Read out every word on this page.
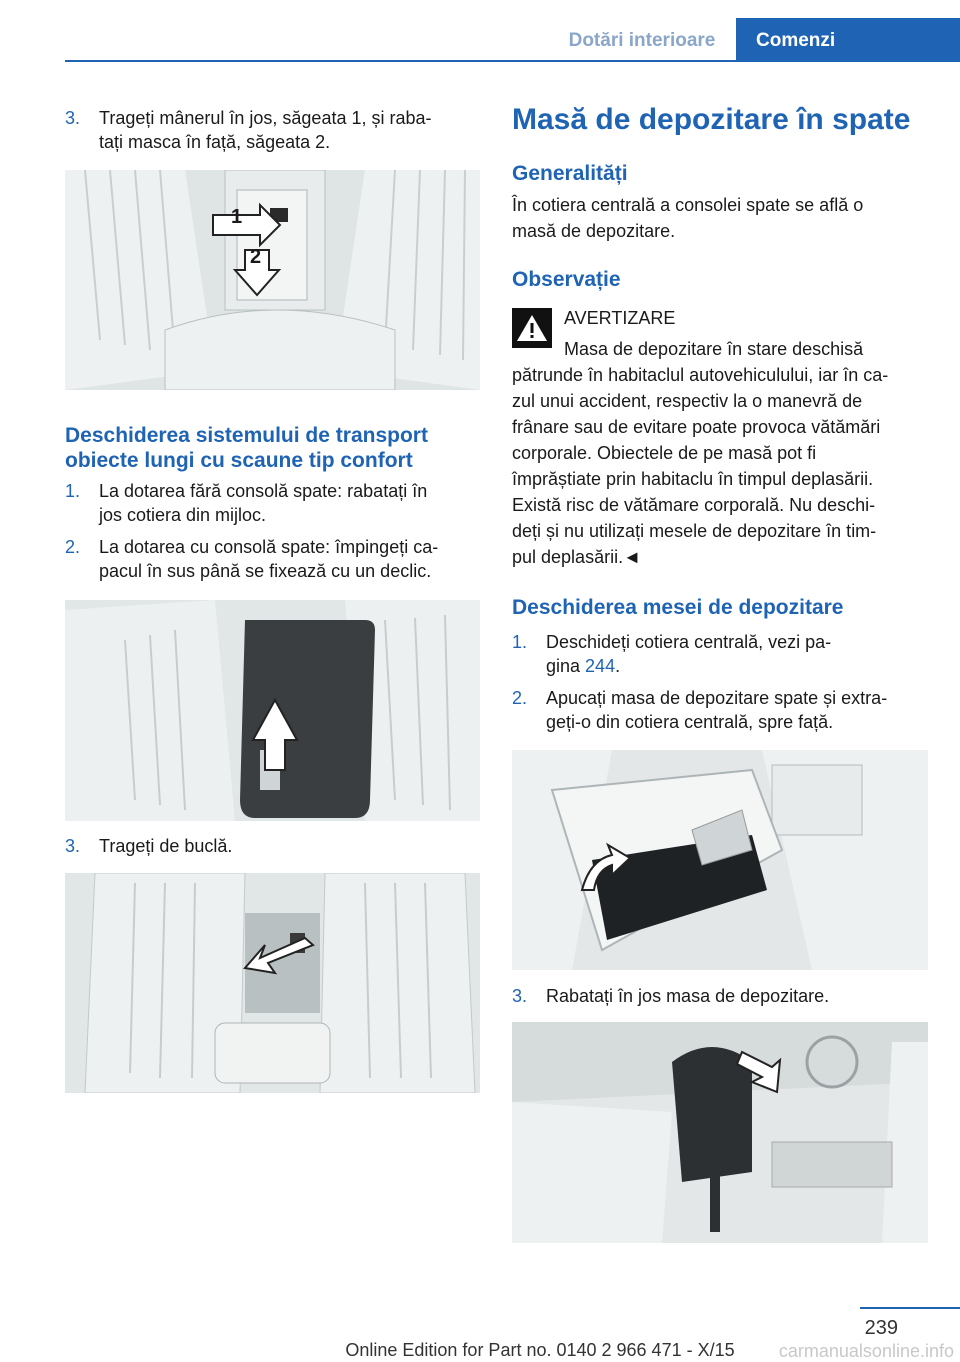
Dotări interioare	Comenzi
3. Trageți mânerul în jos, săgeata 1, și raba-
tați masca în față, săgeata 2.
1
2
Deschiderea sistemului de transport obiecte lungi cu scaune tip confort
1. La dotarea fără consolă spate: rabatați în
jos cotiera din mijloc.
2. La dotarea cu consolă spate: împingeți ca-
pacul în sus până se fixează cu un declic.
3. Trageți de buclă.
Masă de depozitare în spate
Generalități
În cotiera centrală a consolei spate se află o
masă de depozitare.
Observație
AVERTIZARE
Masa de depozitare în stare deschisă
pătrunde în habitaclul autovehiculului, iar în ca-
zul unui accident, respectiv la o manevră de
frânare sau de evitare poate provoca vătămări
corporale. Obiectele de pe masă pot fi
împrăștiate prin habitaclu în timpul deplasării.
Există risc de vătămare corporală. Nu deschi-
deți și nu utilizați mesele de depozitare în tim-
pul deplasării.◄
Deschiderea mesei de depozitare
1. Deschideți cotiera centrală, vezi pa-
gina 244.
2. Apucați masa de depozitare spate și extra-
geți-o din cotiera centrală, spre față.
3. Rabatați în jos masa de depozitare.
239
Online Edition for Part no. 0140 2 966 471 - X/15	carmanualsonline.info
